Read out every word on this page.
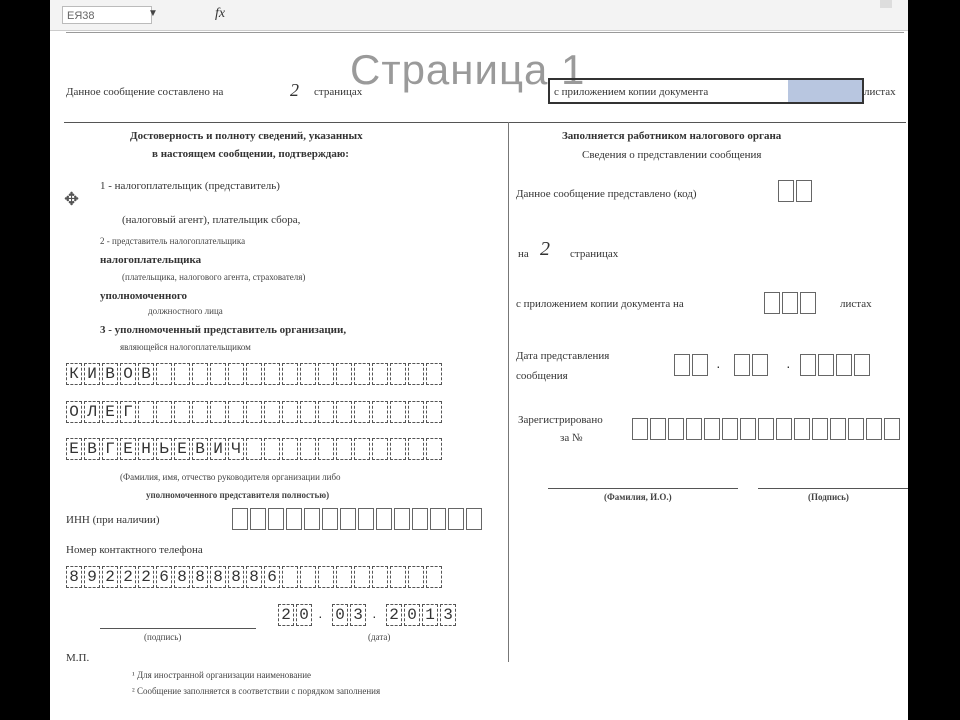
ЕЯ38	▼	fx
Страница 1
Данное сообщение составлено на	2 страницах	с приложением копии документа	листах
Достоверность и полноту сведений, указанных
в настоящем сообщении, подтверждаю:
✥
1 - налогоплательщик (представитель)
(налоговый агент), плательщик сбора,
2 - представитель налогоплательщика
налогоплательщика
(плательщика, налогового агента, страхователя)
уполномоченного
должностного лица
3 - уполномоченный представитель организации,
являющейся налогоплательщиком
К И В О В
О Л Е Г
Е В Г Е Н Ь Е В И Ч
(Фамилия, имя, отчество руководителя организации либо
уполномоченного представителя полностью)
ИНН (при наличии)
Номер контактного телефона
8 9 2 2 2 6 8 8 8 8 8 6
(подпись)
2 0 · 0 3 · 2 0 1 3
(дата)
М.П.
¹ Для иностранной организации наименование
² Сообщение заполняется в соответствии с порядком заполнения
Заполняется работником налогового органа
Сведения о представлении сообщения
Данное сообщение представлено (код)
на 2 страницах
с приложением копии документа на	листах
Дата представления
сообщения
·	·
Зарегистрировано
за №
(Фамилия, И.О.)	(Подпись)
